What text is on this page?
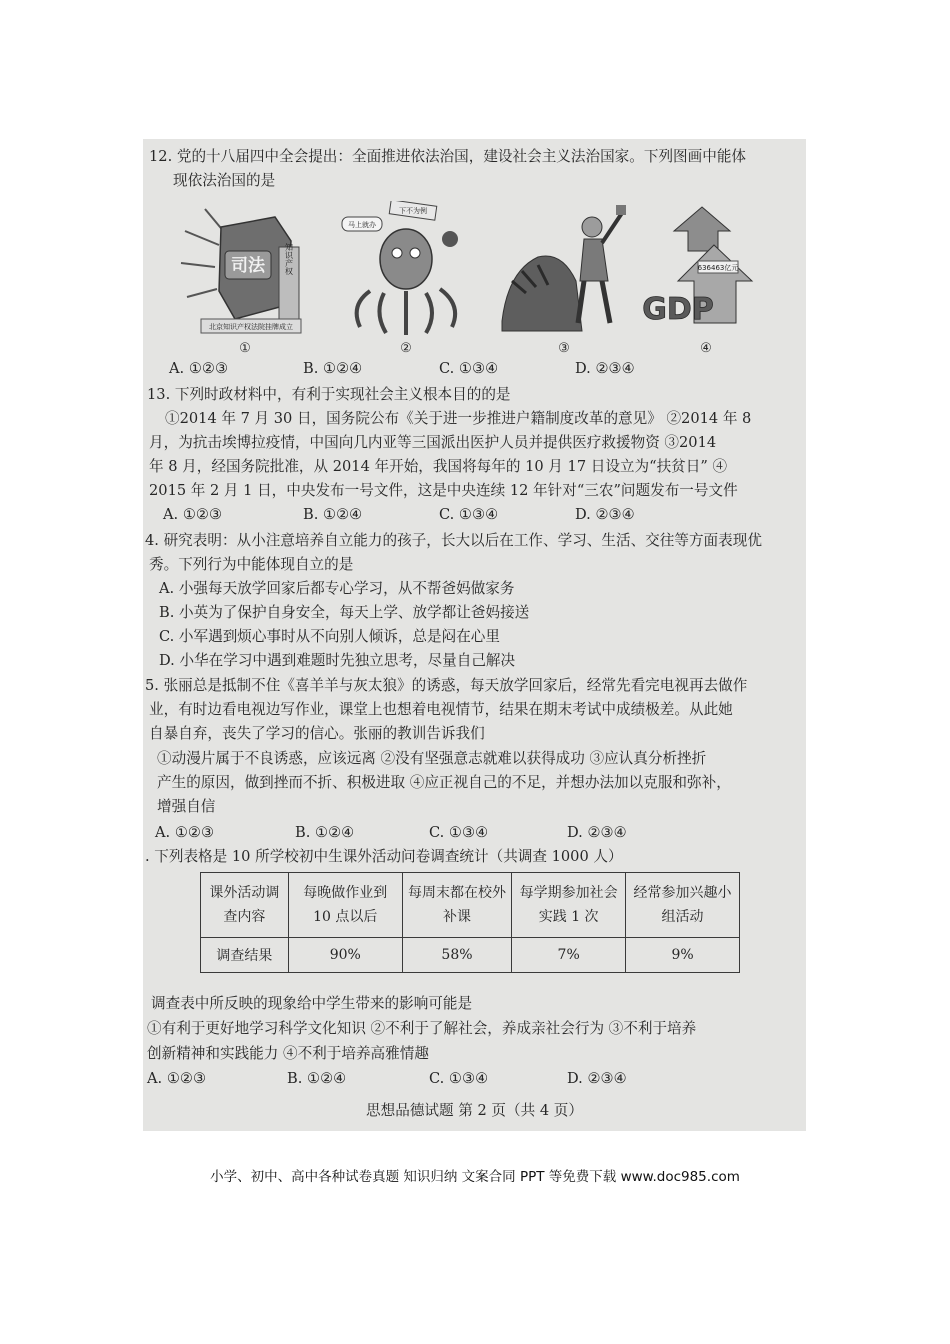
12. 党的十八届四中全会提出：全面推进依法治国，建设社会主义法治国家。下列图画中能体
现依法治国的是
司法 知识产权
北京知识产权法院挂牌成立
①
马上就办
下不为例
②	③
636463亿元
GDP
④
A. ①②③	B. ①②④	C. ①③④	D. ②③④
13. 下列时政材料中，有利于实现社会主义根本目的的是
①2014 年 7 月 30 日，国务院公布《关于进一步推进户籍制度改革的意见》 ②2014 年 8
月，为抗击埃博拉疫情，中国向几内亚等三国派出医护人员并提供医疗救援物资 ③2014
年 8 月，经国务院批准，从 2014 年开始，我国将每年的 10 月 17 日设立为“扶贫日” ④
2015 年 2 月 1 日，中央发布一号文件，这是中央连续 12 年针对“三农”问题发布一号文件
A. ①②③	B. ①②④	C. ①③④	D. ②③④
4. 研究表明：从小注意培养自立能力的孩子，长大以后在工作、学习、生活、交往等方面表现优
秀。下列行为中能体现自立的是
A. 小强每天放学回家后都专心学习，从不帮爸妈做家务
B. 小英为了保护自身安全，每天上学、放学都让爸妈接送
C. 小军遇到烦心事时从不向别人倾诉，总是闷在心里
D. 小华在学习中遇到难题时先独立思考，尽量自己解决
5. 张丽总是抵制不住《喜羊羊与灰太狼》的诱惑，每天放学回家后，经常先看完电视再去做作
业，有时边看电视边写作业，课堂上也想着电视情节，结果在期末考试中成绩极差。从此她
自暴自弃，丧失了学习的信心。张丽的教训告诉我们
①动漫片属于不良诱惑，应该远离 ②没有坚强意志就难以获得成功 ③应认真分析挫折
产生的原因，做到挫而不折、积极进取 ④应正视自己的不足，并想办法加以克服和弥补，
增强自信
A. ①②③	B. ①②④	C. ①③④	D. ②③④
. 下列表格是 10 所学校初中生课外活动问卷调查统计（共调查 1000 人）
课外活动调查内容	每晚做作业到 10 点以后	每周末都在校外补课	每学期参加社会实践 1 次	经常参加兴趣小组活动
调查结果	90%	58%	7%	9%
调查表中所反映的现象给中学生带来的影响可能是
①有利于更好地学习科学文化知识 ②不利于了解社会，养成亲社会行为 ③不利于培养
创新精神和实践能力 ④不利于培养高雅情趣
A. ①②③	B. ①②④	C. ①③④	D. ②③④
思想品德试题 第 2 页（共 4 页）
小学、初中、高中各种试卷真题 知识归纳 文案合同 PPT 等免费下载 www.doc985.com
